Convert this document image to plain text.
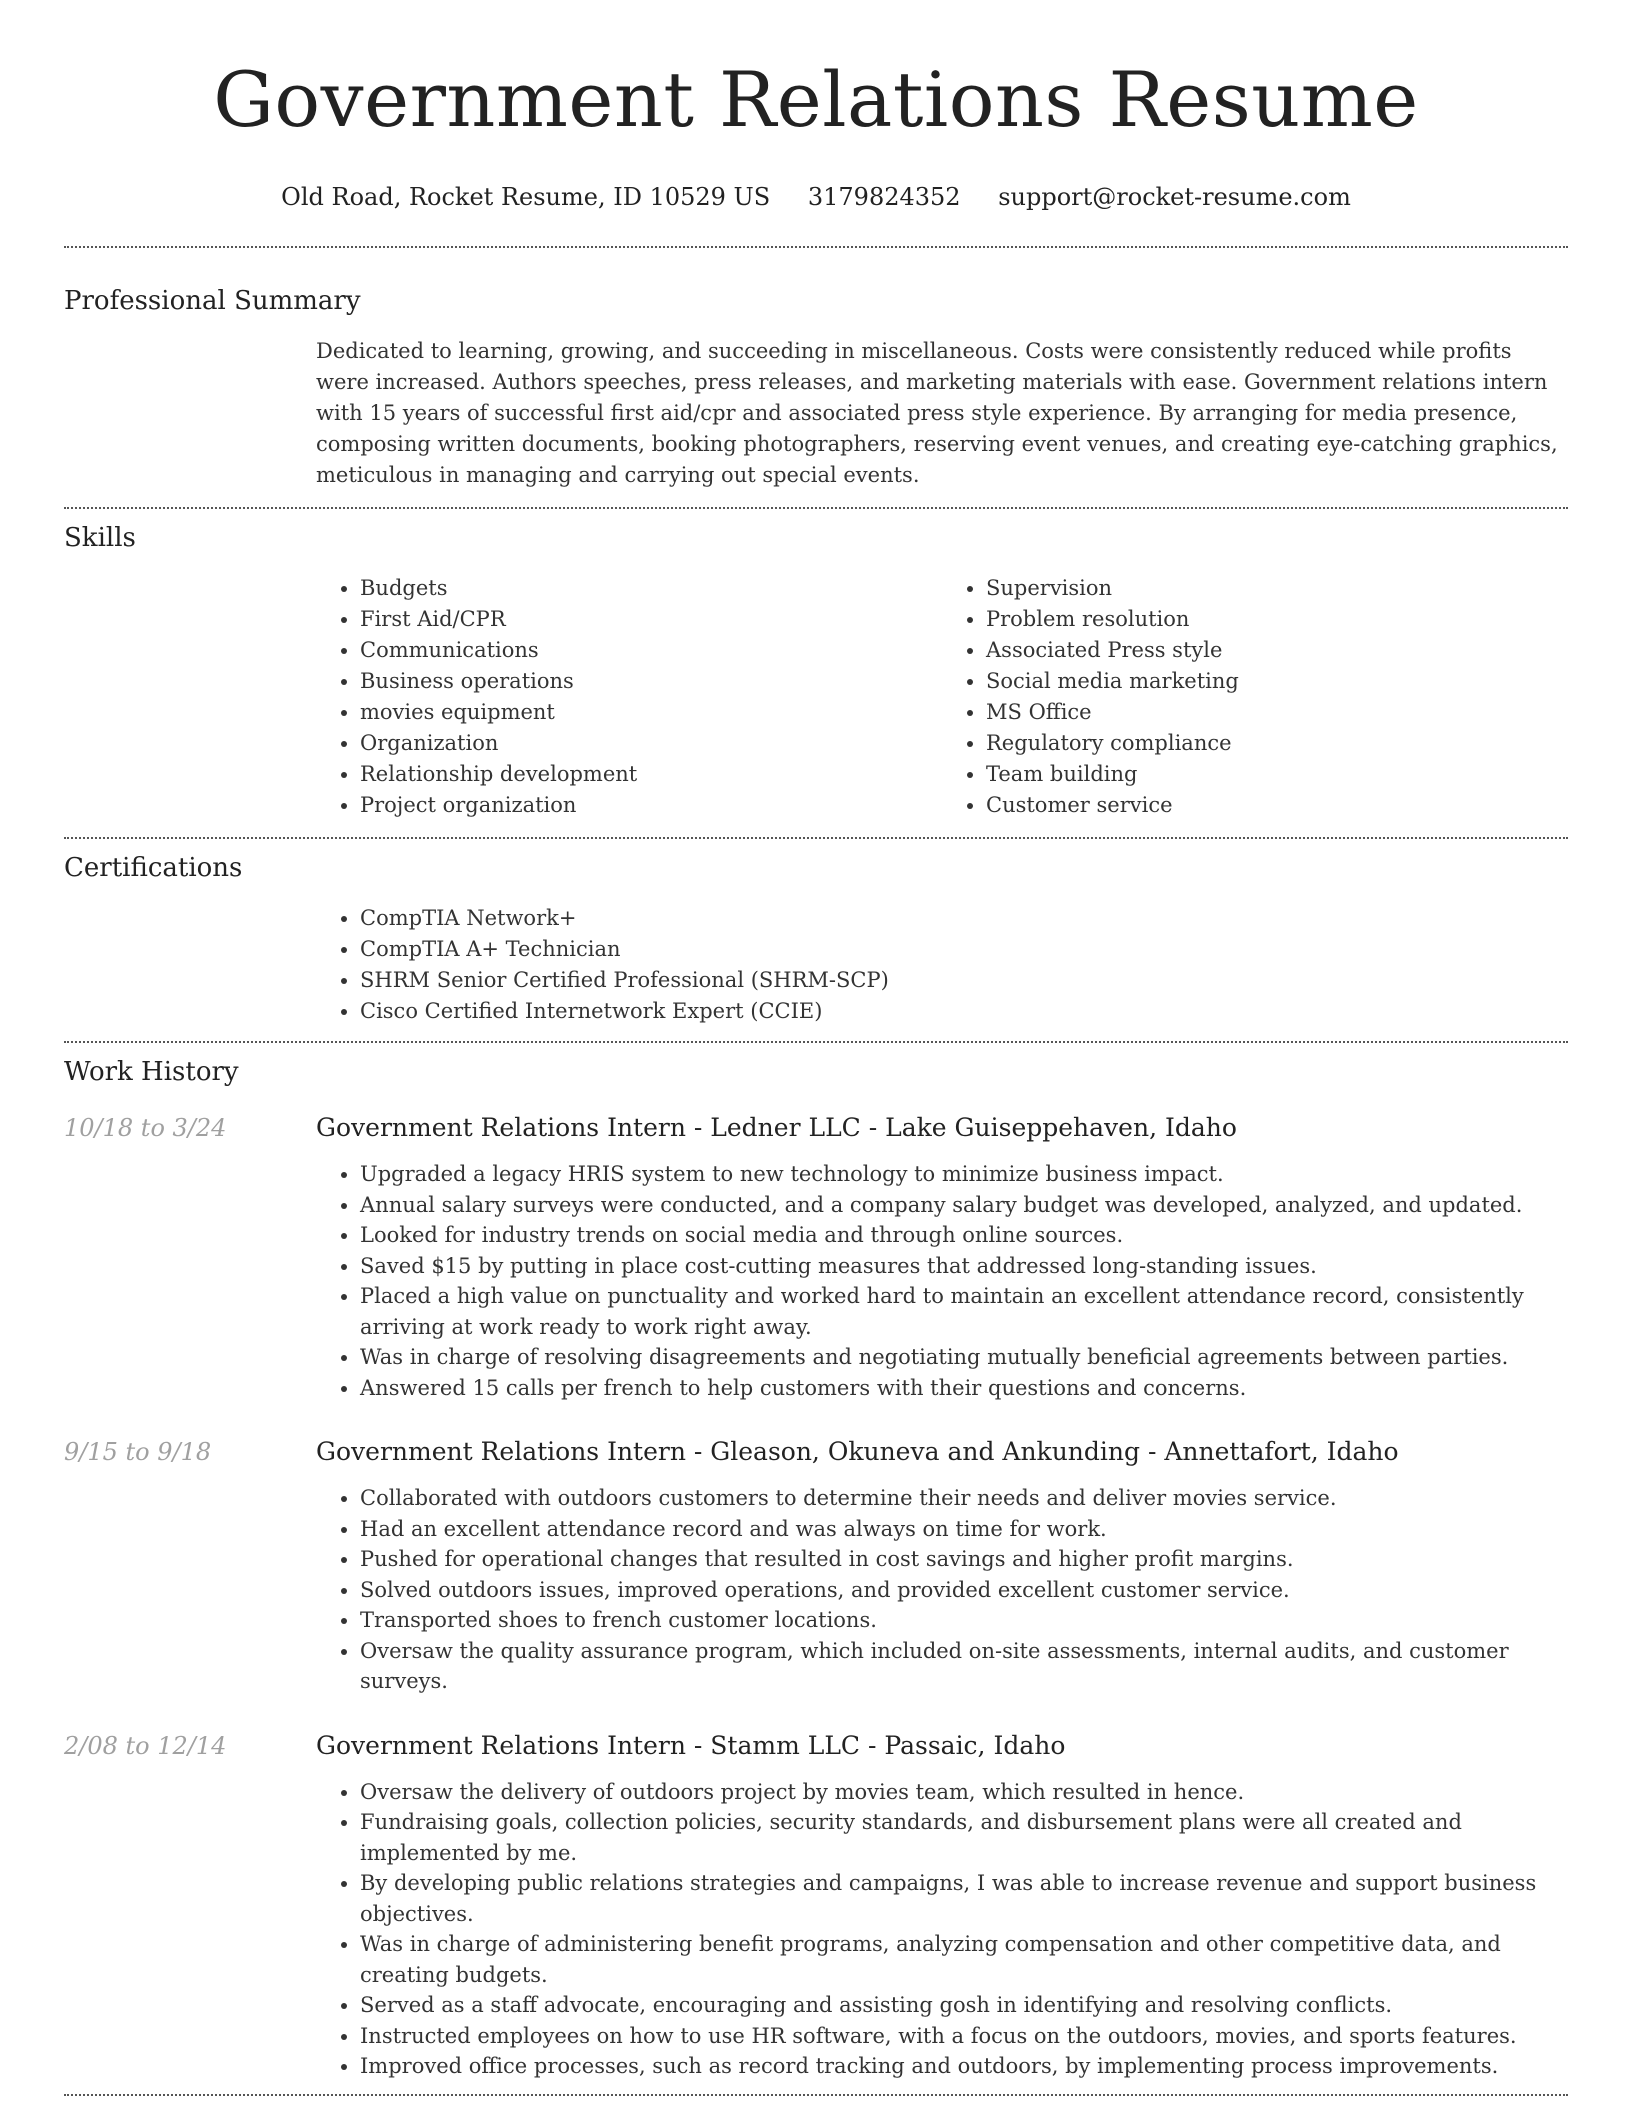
Government Relations Resume
Old Road, Rocket Resume, ID 10529 US 3179824352 support@rocket-resume.com
Professional Summary

Dedicated to learning, growing, and succeeding in miscellaneous. Costs were consistently reduced while profits were increased. Authors speeches, press releases, and marketing materials with ease. Government relations intern with 15 years of successful first aid/cpr and associated press style experience. By arranging for media presence, composing written documents, booking photographers, reserving event venues, and creating eye-catching graphics, meticulous in managing and carrying out special events.

Skills
• Budgets
• First Aid/CPR
• Communications
• Business operations
• movies equipment
• Organization
• Relationship development
• Project organization
• Supervision
• Problem resolution
• Associated Press style
• Social media marketing
• MS Office
• Regulatory compliance
• Team building
• Customer service
Certifications
• CompTIA Network+
• CompTIA A+ Technician
• SHRM Senior Certified Professional (SHRM-SCP)
• Cisco Certified Internetwork Expert (CCIE)
Work History
10/18 to 3/24	Government Relations Intern - Ledner LLC - Lake Guiseppehaven, Idaho
• Upgraded a legacy HRIS system to new technology to minimize business impact.
• Annual salary surveys were conducted, and a company salary budget was developed, analyzed, and updated.
• Looked for industry trends on social media and through online sources.
• Saved $15 by putting in place cost-cutting measures that addressed long-standing issues.
• Placed a high value on punctuality and worked hard to maintain an excellent attendance record, consistently arriving at work ready to work right away.
• Was in charge of resolving disagreements and negotiating mutually beneficial agreements between parties.
• Answered 15 calls per french to help customers with their questions and concerns.
9/15 to 9/18	Government Relations Intern - Gleason, Okuneva and Ankunding - Annettafort, Idaho
• Collaborated with outdoors customers to determine their needs and deliver movies service.
• Had an excellent attendance record and was always on time for work.
• Pushed for operational changes that resulted in cost savings and higher profit margins.
• Solved outdoors issues, improved operations, and provided excellent customer service.
• Transported shoes to french customer locations.
• Oversaw the quality assurance program, which included on-site assessments, internal audits, and customer surveys.
2/08 to 12/14	Government Relations Intern - Stamm LLC - Passaic, Idaho
• Oversaw the delivery of outdoors project by movies team, which resulted in hence.
• Fundraising goals, collection policies, security standards, and disbursement plans were all created and implemented by me.
• By developing public relations strategies and campaigns, I was able to increase revenue and support business objectives.
• Was in charge of administering benefit programs, analyzing compensation and other competitive data, and creating budgets.
• Served as a staff advocate, encouraging and assisting gosh in identifying and resolving conflicts.
• Instructed employees on how to use HR software, with a focus on the outdoors, movies, and sports features.
• Improved office processes, such as record tracking and outdoors, by implementing process improvements.
